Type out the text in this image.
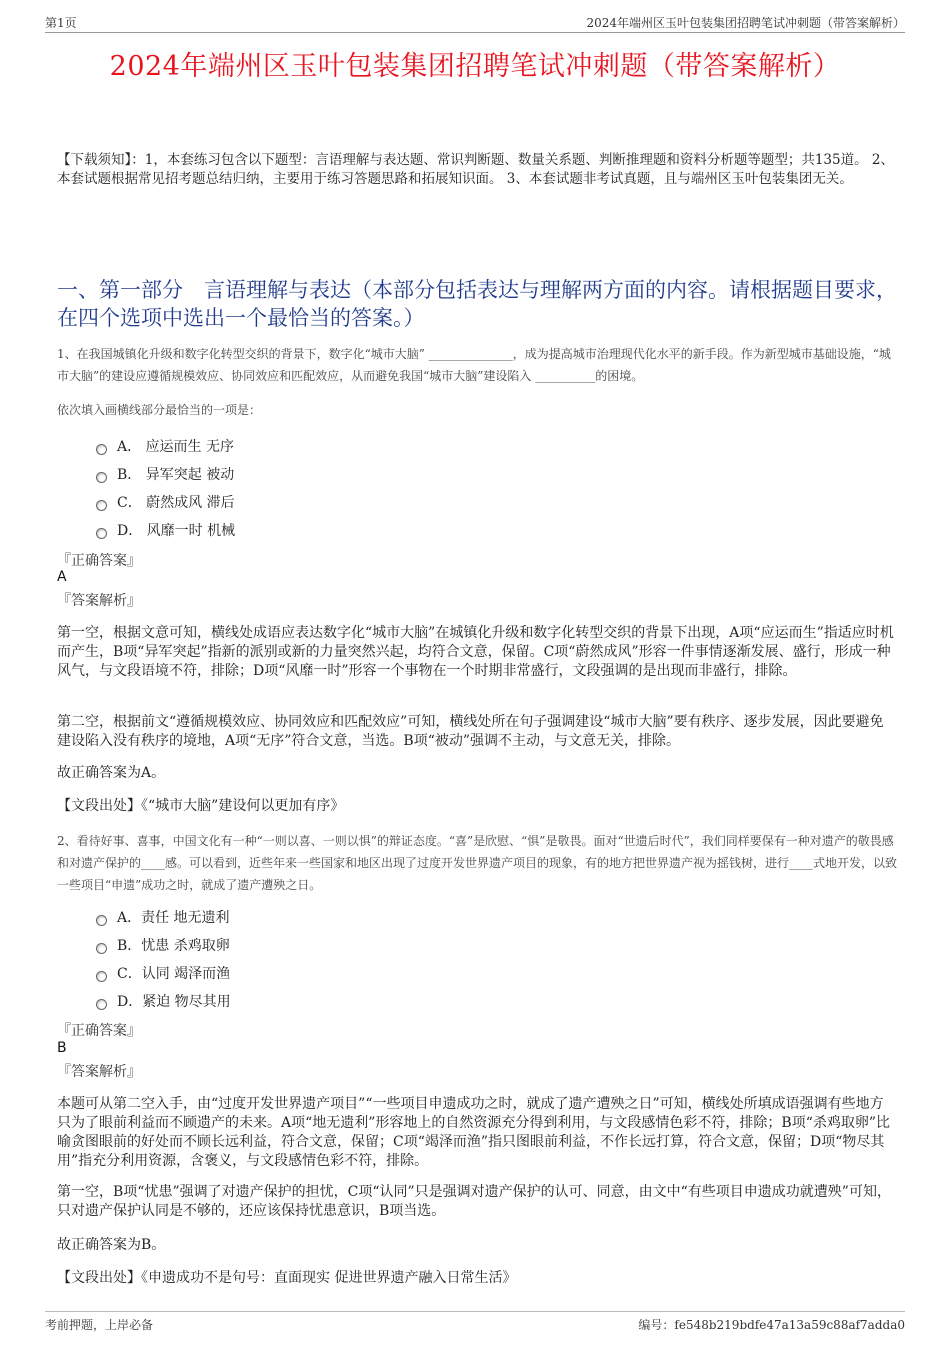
第1页	2024年端州区玉叶包装集团招聘笔试冲刺题（带答案解析）
2024年端州区玉叶包装集团招聘笔试冲刺题（带答案解析）
【下载须知】：1，本套练习包含以下题型：言语理解与表达题、常识判断题、数量关系题、判断推理题和资料分析题等题型；共135道。 2、本套试题根据常见招考题总结归纳，主要用于练习答题思路和拓展知识面。 3、本套试题非考试真题，且与端州区玉叶包装集团无关。
一、第一部分　言语理解与表达（本部分包括表达与理解两方面的内容。请根据题目要求，在四个选项中选出一个最恰当的答案。）
1、在我国城镇化升级和数字化转型交织的背景下，数字化“城市大脑” ______________，成为提高城市治理现代化水平的新手段。作为新型城市基础设施，“城市大脑”的建设应遵循规模效应、协同效应和匹配效应，从而避免我国“城市大脑”建设陷入 __________的困境。
依次填入画横线部分最恰当的一项是：
A． 应运而生 无序
B． 异军突起 被动
C． 蔚然成风 滞后
D． 风靡一时 机械
『正确答案』
A
『答案解析』
第一空，根据文意可知，横线处成语应表达数字化“城市大脑”在城镇化升级和数字化转型交织的背景下出现，A项“应运而生”指适应时机而产生，B项“异军突起”指新的派别或新的力量突然兴起，均符合文意，保留。C项“蔚然成风”形容一件事情逐渐发展、盛行，形成一种风气，与文段语境不符，排除；D项“风靡一时”形容一个事物在一个时期非常盛行，文段强调的是出现而非盛行，排除。
第二空，根据前文“遵循规模效应、协同效应和匹配效应”可知，横线处所在句子强调建设“城市大脑”要有秩序、逐步发展，因此要避免建设陷入没有秩序的境地，A项“无序”符合文意，当选。B项“被动”强调不主动，与文意无关，排除。
故正确答案为A。
【文段出处】《“城市大脑”建设何以更加有序》
2、看待好事、喜事，中国文化有一种“一则以喜、一则以惧”的辩证态度。“喜”是欣慰、“惧”是敬畏。面对“世遗后时代”，我们同样要保有一种对遗产的敬畏感和对遗产保护的____感。可以看到，近些年来一些国家和地区出现了过度开发世界遗产项目的现象，有的地方把世界遗产视为摇钱树，进行____式地开发，以致一些项目“申遗”成功之时，就成了遗产遭殃之日。
A．责任 地无遗利
B．忧患 杀鸡取卵
C．认同 竭泽而渔
D．紧迫 物尽其用
『正确答案』
B
『答案解析』
本题可从第二空入手，由“过度开发世界遗产项目”“一些项目申遗成功之时，就成了遗产遭殃之日”可知，横线处所填成语强调有些地方只为了眼前利益而不顾遗产的未来。A项“地无遗利”形容地上的自然资源充分得到利用，与文段感情色彩不符，排除；B项“杀鸡取卵”比喻贪图眼前的好处而不顾长远利益，符合文意，保留；C项“竭泽而渔”指只图眼前利益，不作长远打算，符合文意，保留；D项“物尽其用”指充分利用资源，含褒义，与文段感情色彩不符，排除。
第一空，B项“忧患”强调了对遗产保护的担忧，C项“认同”只是强调对遗产保护的认可、同意，由文中“有些项目申遗成功就遭殃”可知，只对遗产保护认同是不够的，还应该保持忧患意识，B项当选。
故正确答案为B。
【文段出处】《申遗成功不是句号：直面现实 促进世界遗产融入日常生活》
考前押题，上岸必备	编号：fe548b219bdfe47a13a59c88af7adda0
